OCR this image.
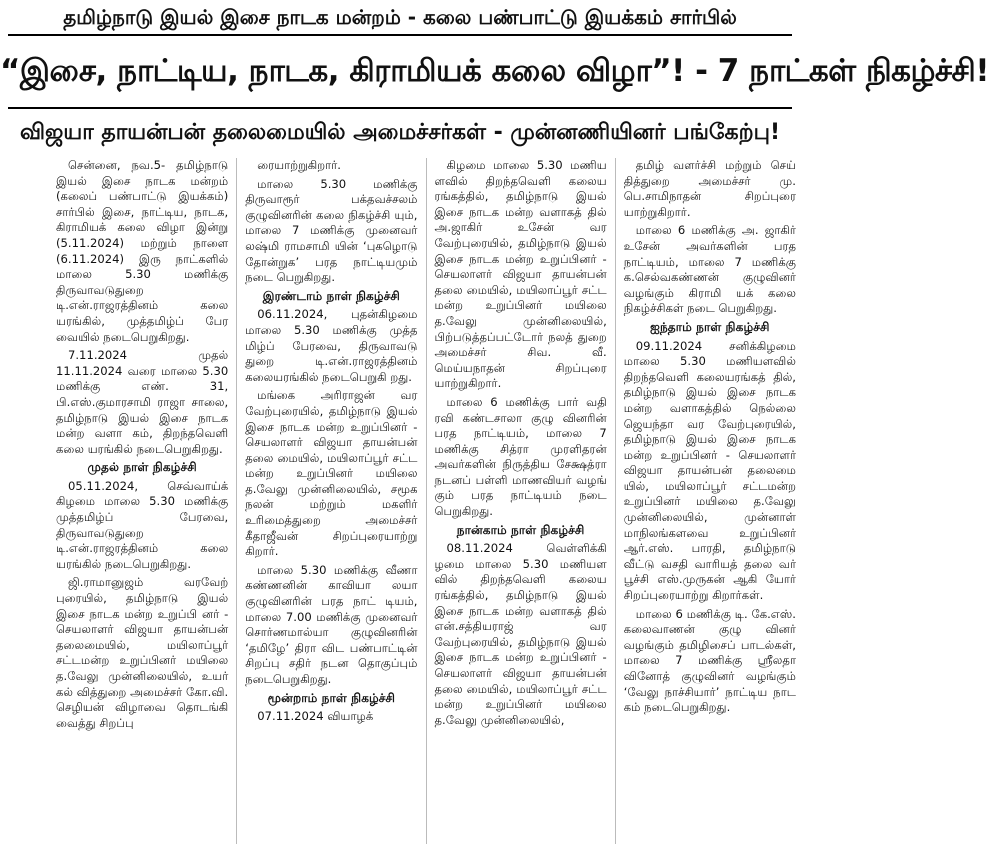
தமிழ்நாடு இயல் இசை நாடக மன்றம் - கலை பண்பாட்டு இயக்கம் சார்பில்
“இசை, நாட்டிய, நாடக, கிராமியக் கலை விழா”! - 7 நாட்கள் நிகழ்ச்சி!
விஜயா தாயன்பன் தலைமையில் அமைச்சர்கள் - முன்னணியினர் பங்கேற்பு!

சென்னை, நவ.5- தமிழ்நாடு இயல் இசை நாடக மன்றம் (கலைப் பண்பாட்டு இயக்கம்) சார்பில் இசை, நாட்டிய, நாடக, கிராமியக் கலை விழா இன்று (5.11.2024) மற்றும் நாளை (6.11.2024) இரு நாட்களில் மாலை 5.30 மணிக்கு திருவாவடுதுறை டி.என்.ராஜரத்தினம் கலை யரங்கில், முத்தமிழ்ப் பேர வையில் நடைபெறுகிறது.

7.11.2024 முதல் 11.11.2024 வரை மாலை 5.30 மணிக்கு எண். 31, பி.எஸ்.குமாரசாமி ராஜா சாலை, தமிழ்நாடு இயல் இசை நாடக மன்ற வளா கம், திறந்தவெளி கலை யரங்கில் நடைபெறுகிறது.

முதல் நாள் நிகழ்ச்சி

05.11.2024, செவ்வாய்க் கிழமை மாலை 5.30 மணிக்கு முத்தமிழ்ப் பேரவை, திருவாவடுதுறை டி.என்.ராஜரத்தினம் கலை யரங்கில் நடைபெறுகிறது.

ஜி.ராமானுஜம் வரவேற் புரையில், தமிழ்நாடு இயல் இசை நாடக மன்ற உறுப்பி னர் - செயலாளர் விஜயா தாயன்பன் தலைமையில், மயிலாப்பூர் சட்டமன்ற உறுப்பினர் மயிலை த.வேலு முன்னிலையில், உயர் கல் வித்துறை அமைச்சர் கோ.வி. செழியன் விழாவை தொடங்கி வைத்து சிறப்பு

ரையாற்றுகிறார்.

மாலை 5.30 மணிக்கு திருவாரூர் பக்தவச்சலம் குழுவினரின் கலை நிகழ்ச்சி யும், மாலை 7 மணிக்கு முனைவர் லஷ்மி ராமசாமி யின் ‘புகழொடு தோன்றுக’ பரத நாட்டியமும் நடை பெறுகிறது.

இரண்டாம் நாள் நிகழ்ச்சி

06.11.2024, புதன்கிழமை மாலை 5.30 மணிக்கு முத்த மிழ்ப் பேரவை, திருவாவடு துறை டி.என்.ராஜரத்தினம் கலையரங்கில் நடைபெறுகி றது.

மங்கை அரிராஜன் வர வேற்புரையில், தமிழ்நாடு இயல் இசை நாடக மன்ற உறுப்பினர் - செயலாளர் விஜயா தாயன்பன் தலை மையில், மயிலாப்பூர் சட்ட மன்ற உறுப்பினர் மயிலை த.வேலு முன்னிலையில், சமூக நலன் மற்றும் மகளிர் உரிமைத்துறை அமைச்சர் கீதாஜீவன் சிறப்புரையாற்று கிறார்.

மாலை 5.30 மணிக்கு வீணா கண்ணனின் காவியா லயா குழுவினரின் பரத நாட் டியம், மாலை 7.00 மணிக்கு முனைவர் சொர்ணமால்யா குழுவினரின் ‘தமிழே’ திரா விட பண்பாட்டின் சிறப்பு சதிர் நடன தொகுப்பும் நடைபெறுகிறது.

மூன்றாம் நாள் நிகழ்ச்சி

07.11.2024 வியாழக்

கிழமை மாலை 5.30 மணிய ளவில் திறந்தவெளி கலைய ரங்கத்தில், தமிழ்நாடு இயல் இசை நாடக மன்ற வளாகத் தில் அ.ஜாகிர் உசேன் வர வேற்புரையில், தமிழ்நாடு இயல் இசை நாடக மன்ற உறுப்பினர் - செயலாளர் விஜயா தாயன்பன் தலை மையில், மயிலாப்பூர் சட்ட மன்ற உறுப்பினர் மயிலை த.வேலு முன்னிலையில், பிற்படுத்தப்பட்டோர் நலத் துறை அமைச்சர் சிவ. வீ. மெய்யநாதன் சிறப்புரை யாற்றுகிறார்.

மாலை 6 மணிக்கு பார் வதி ரவி கண்டசாலா குழு வினரின் பரத நாட்டியம், மாலை 7 மணிக்கு சித்ரா முரளிதரன் அவர்களின் நிருத்திய சேக்ஷத்ரா நடனப் பள்ளி மாணவியர் வழங் கும் பரத நாட்டியம் நடை பெறுகிறது.

நான்காம் நாள் நிகழ்ச்சி

08.11.2024 வெள்ளிக்கி ழமை மாலை 5.30 மணியள வில் திறந்தவெளி கலைய ரங்கத்தில், தமிழ்நாடு இயல் இசை நாடக மன்ற வளாகத் தில் என்.சத்தியராஜ் வர வேற்புரையில், தமிழ்நாடு இயல் இசை நாடக மன்ற உறுப்பினர் - செயலாளர் விஜயா தாயன்பன் தலை மையில், மயிலாப்பூர் சட்ட மன்ற உறுப்பினர் மயிலை த.வேலு முன்னிலையில்,

தமிழ் வளர்ச்சி மற்றும் செய் தித்துறை அமைச்சர் மு. பெ.சாமிநாதன் சிறப்புரை யாற்றுகிறார்.

மாலை 6 மணிக்கு அ. ஜாகிர் உசேன் அவர்களின் பரத நாட்டியம், மாலை 7 மணிக்கு க.செல்வகண்ணன் குழுவினர் வழங்கும் கிராமி யக் கலை நிகழ்ச்சிகள் நடை பெறுகிறது.

ஐந்தாம் நாள் நிகழ்ச்சி

09.11.2024 சனிக்கிழமை மாலை 5.30 மணியளவில் திறந்தவெளி கலையரங்கத் தில், தமிழ்நாடு இயல் இசை நாடக மன்ற வளாகத்தில் நெல்லை ஜெயந்தா வர வேற்புரையில், தமிழ்நாடு இயல் இசை நாடக மன்ற உறுப்பினர் - செயலாளர் விஜயா தாயன்பன் தலைமை யில், மயிலாப்பூர் சட்டமன்ற உறுப்பினர் மயிலை த.வேலு முன்னிலையில், முன்னாள் மாநிலங்களவை உறுப்பினர் ஆர்.எஸ். பாரதி, தமிழ்நாடு வீட்டு வசதி வாரியத் தலை வர் பூச்சி எஸ்.முருகன் ஆகி யோர் சிறப்புரையாற்று கிறார்கள்.

மாலை 6 மணிக்கு டி. கே.எஸ். கலைவாணன் குழு வினர் வழங்கும் தமிழிசைப் பாடல்கள், மாலை 7 மணிக்கு ஸ்ரீலதா வினோத் குழுவினர் வழங்கும் ‘வேலு நாச்சியார்’ நாட்டிய நாட கம் நடைபெறுகிறது.
